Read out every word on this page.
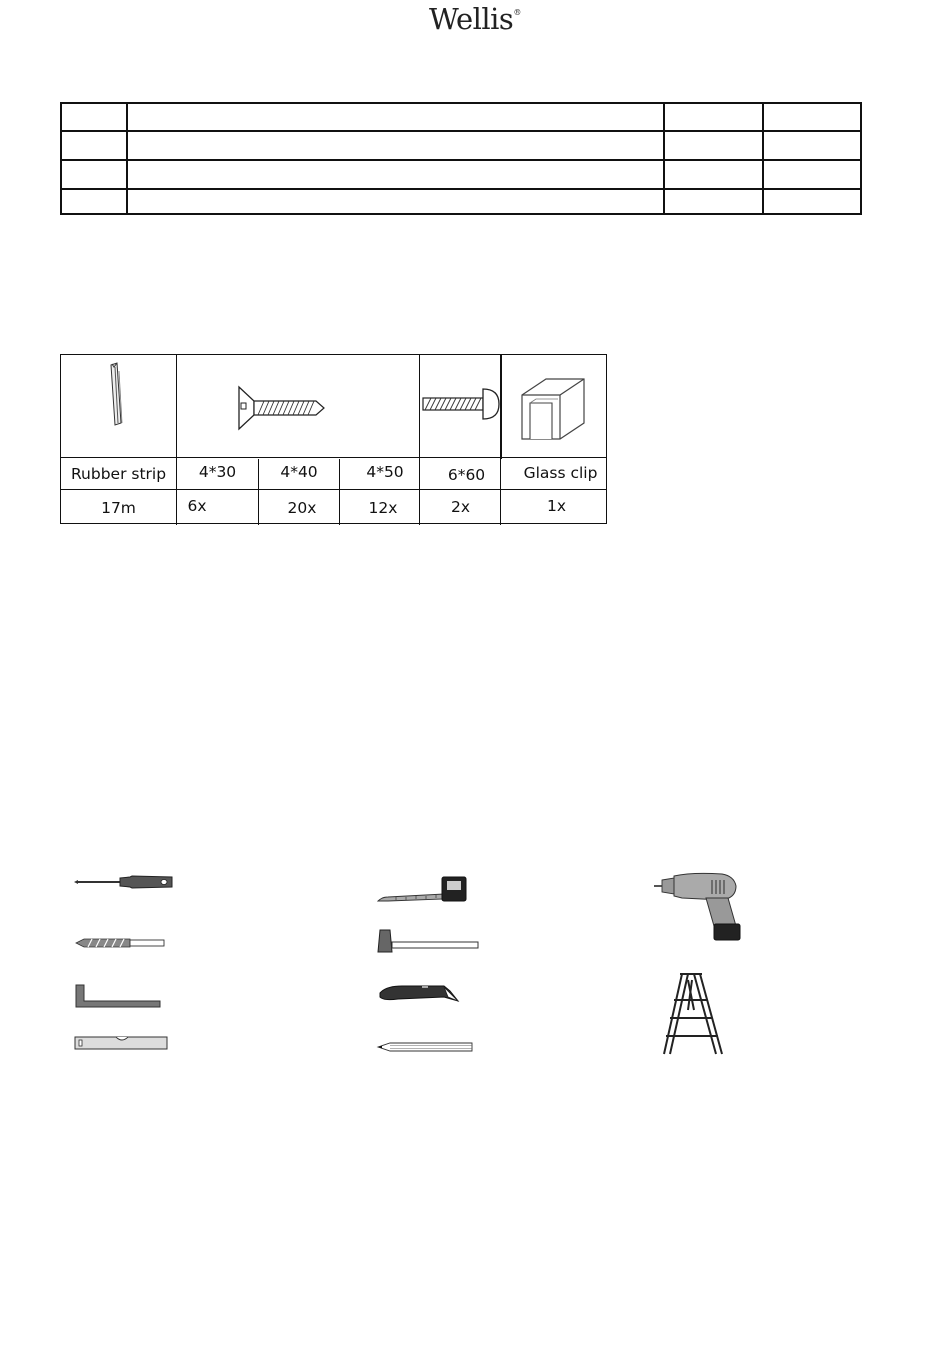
Wellis®
Rubber strip
17m
4*30
6x
4*40
20x
4*50
12x
6*60
2x
Glass clip
1x
